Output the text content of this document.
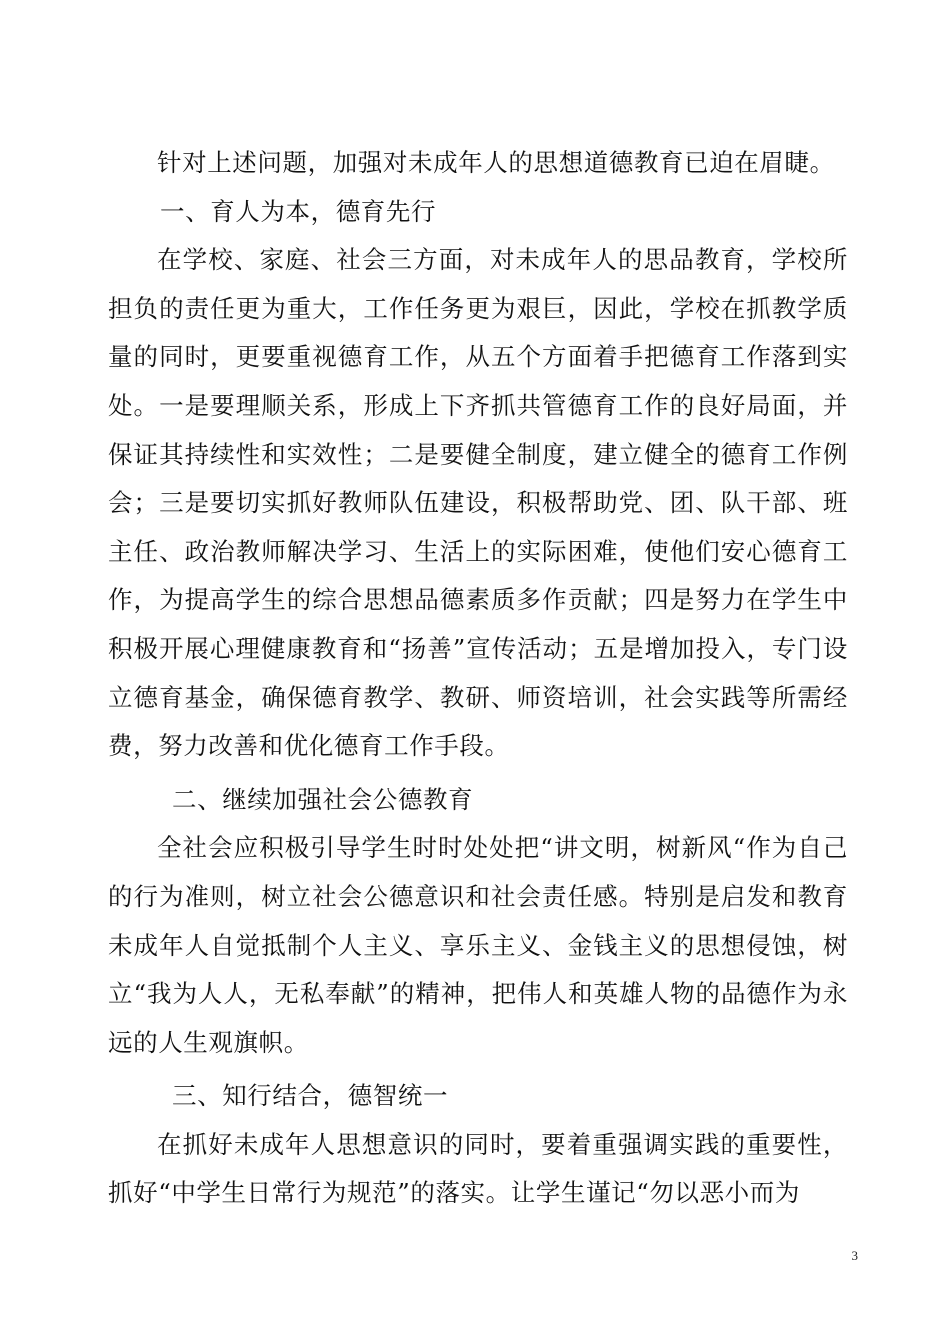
针对上述问题，加强对未成年人的思想道德教育已迫在眉睫。

一、育人为本，德育先行

在学校、家庭、社会三方面，对未成年人的思品教育，学校所担负的责任更为重大，工作任务更为艰巨，因此，学校在抓教学质量的同时，更要重视德育工作，从五个方面着手把德育工作落到实处。一是要理顺关系，形成上下齐抓共管德育工作的良好局面，并保证其持续性和实效性；二是要健全制度，建立健全的德育工作例会；三是要切实抓好教师队伍建设，积极帮助党、团、队干部、班主任、政治教师解决学习、生活上的实际困难，使他们安心德育工作，为提高学生的综合思想品德素质多作贡献；四是努力在学生中积极开展心理健康教育和“扬善”宣传活动；五是增加投入，专门设立德育基金，确保德育教学、教研、师资培训，社会实践等所需经费，努力改善和优化德育工作手段。

二、继续加强社会公德教育

全社会应积极引导学生时时处处把“讲文明，树新风“作为自己的行为准则，树立社会公德意识和社会责任感。特别是启发和教育未成年人自觉抵制个人主义、享乐主义、金钱主义的思想侵蚀，树立“我为人人，无私奉献”的精神，把伟人和英雄人物的品德作为永远的人生观旗帜。

三、知行结合，德智统一

在抓好未成年人思想意识的同时，要着重强调实践的重要性，抓好“中学生日常行为规范”的落实。让学生谨记“勿以恶小而为

3
